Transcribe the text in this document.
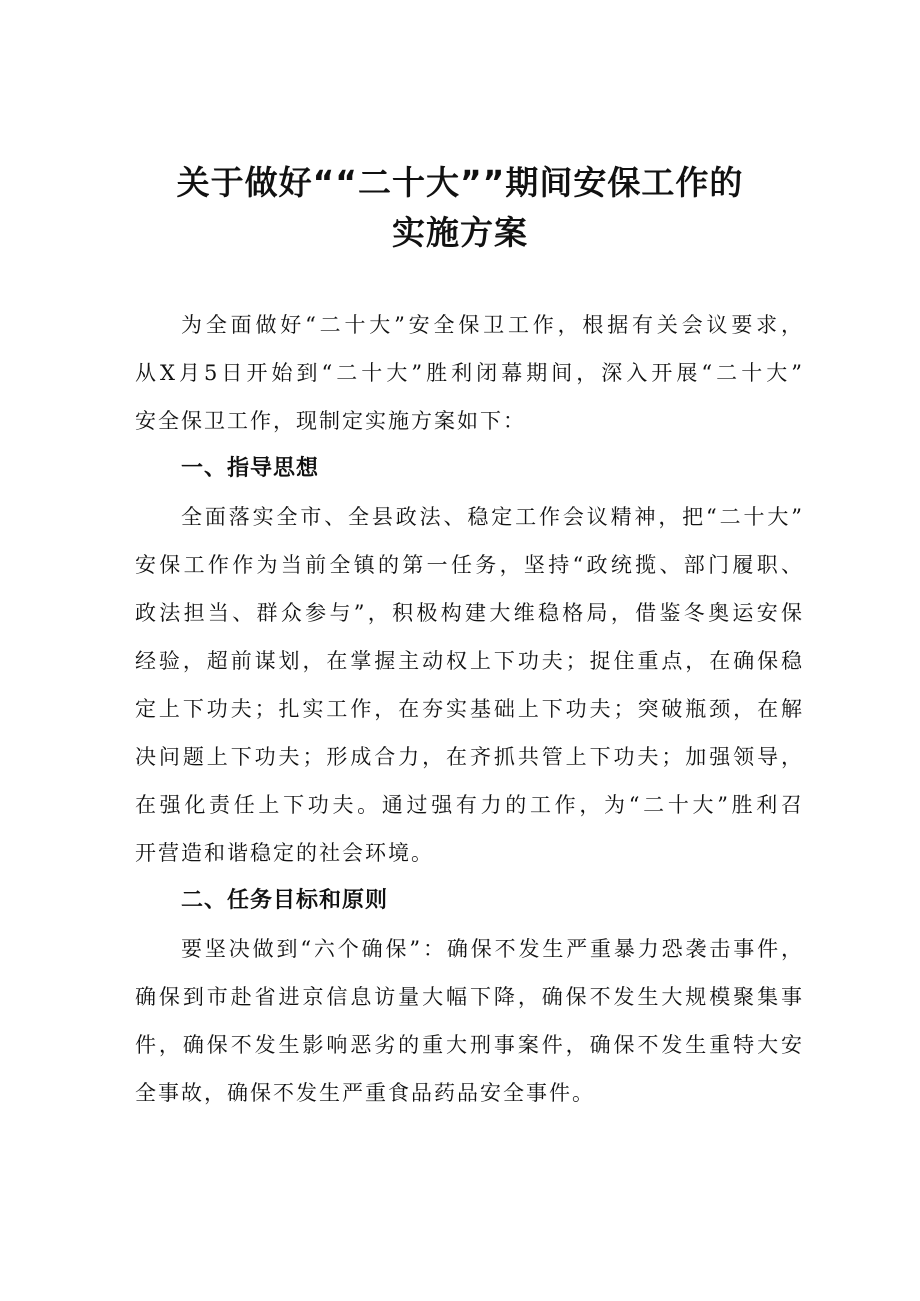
关于做好““二十大””期间安保工作的
实施方案
为全面做好“二十大”安全保卫工作，根据有关会议要求，
从X月5日开始到“二十大”胜利闭幕期间，深入开展“二十大”
安全保卫工作，现制定实施方案如下：
一、指导思想
全面落实全市、全县政法、稳定工作会议精神，把“二十大”
安保工作作为当前全镇的第一任务，坚持“政统揽、部门履职、
政法担当、群众参与”，积极构建大维稳格局，借鉴冬奥运安保
经验，超前谋划，在掌握主动权上下功夫；捉住重点，在确保稳
定上下功夫；扎实工作，在夯实基础上下功夫；突破瓶颈，在解
决问题上下功夫；形成合力，在齐抓共管上下功夫；加强领导，
在强化责任上下功夫。通过强有力的工作，为“二十大”胜利召
开营造和谐稳定的社会环境。
二、任务目标和原则
要坚决做到“六个确保”：确保不发生严重暴力恐袭击事件，
确保到市赴省进京信息访量大幅下降，确保不发生大规模聚集事
件，确保不发生影响恶劣的重大刑事案件，确保不发生重特大安
全事故，确保不发生严重食品药品安全事件。
